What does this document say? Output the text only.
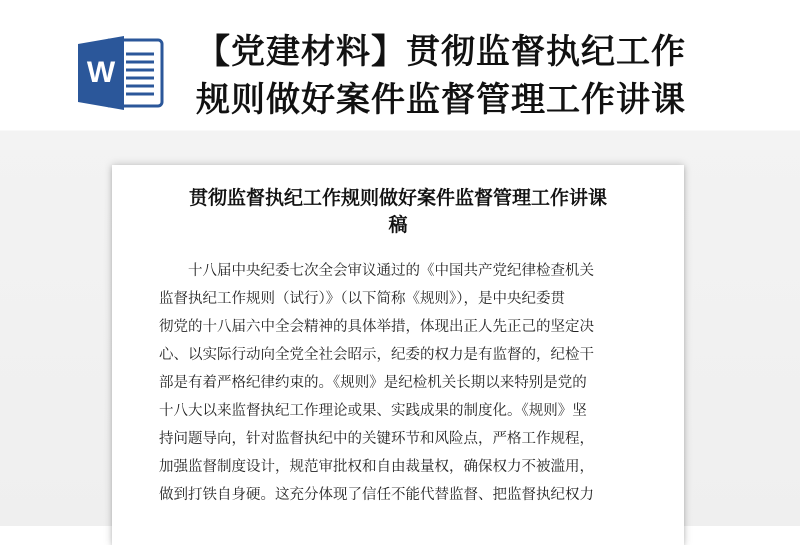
W
【党建材料】贯彻监督执纪工作
规则做好案件监督管理工作讲课
贯彻监督执纪工作规则做好案件监督管理工作讲课
稿
　　十八届中央纪委七次全会审议通过的《中国共产党纪律检查机关
监督执纪工作规则（试行）》（以下简称《规则》），是中央纪委贯
彻党的十八届六中全会精神的具体举措，体现出正人先正己的坚定决
心、以实际行动向全党全社会昭示，纪委的权力是有监督的，纪检干
部是有着严格纪律约束的。《规则》是纪检机关长期以来特别是党的
十八大以来监督执纪工作理论或果、实践成果的制度化。《规则》坚
持问题导向，针对监督执纪中的关键环节和风险点，严格工作规程，
加强监督制度设计，规范审批权和自由裁量权，确保权力不被滥用，
做到打铁自身硬。这充分体现了信任不能代替监督、把监督执纪权力
